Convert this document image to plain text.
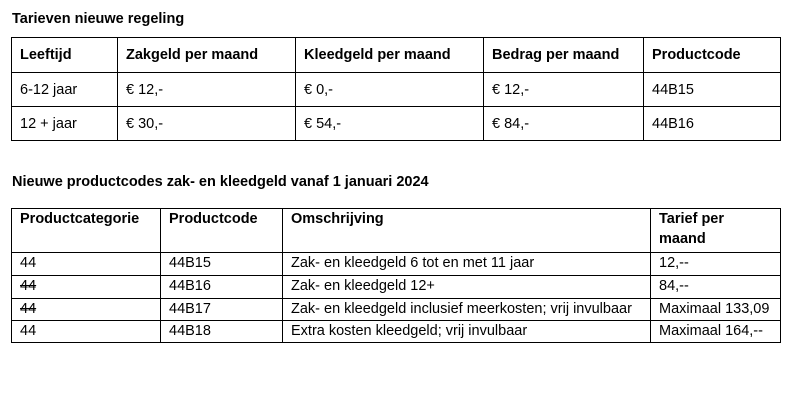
Tarieven nieuwe regeling
Leeftijd	Zakgeld per maand	Kleedgeld per maand	Bedrag per maand	Productcode
6-12 jaar	€ 12,-	€ 0,-	€ 12,-	44B15
12 + jaar	€ 30,-	€ 54,-	€ 84,-	44B16
Nieuwe productcodes zak- en kleedgeld vanaf 1 januari 2024
Productcategorie	Productcode	Omschrijving	Tarief per maand
44	44B15	Zak- en kleedgeld 6 tot en met 11 jaar	12,--
44	44B16	Zak- en kleedgeld 12+	84,--
44	44B17	Zak- en kleedgeld inclusief meerkosten; vrij invulbaar	Maximaal 133,09
44	44B18	Extra kosten kleedgeld; vrij invulbaar	Maximaal 164,--
